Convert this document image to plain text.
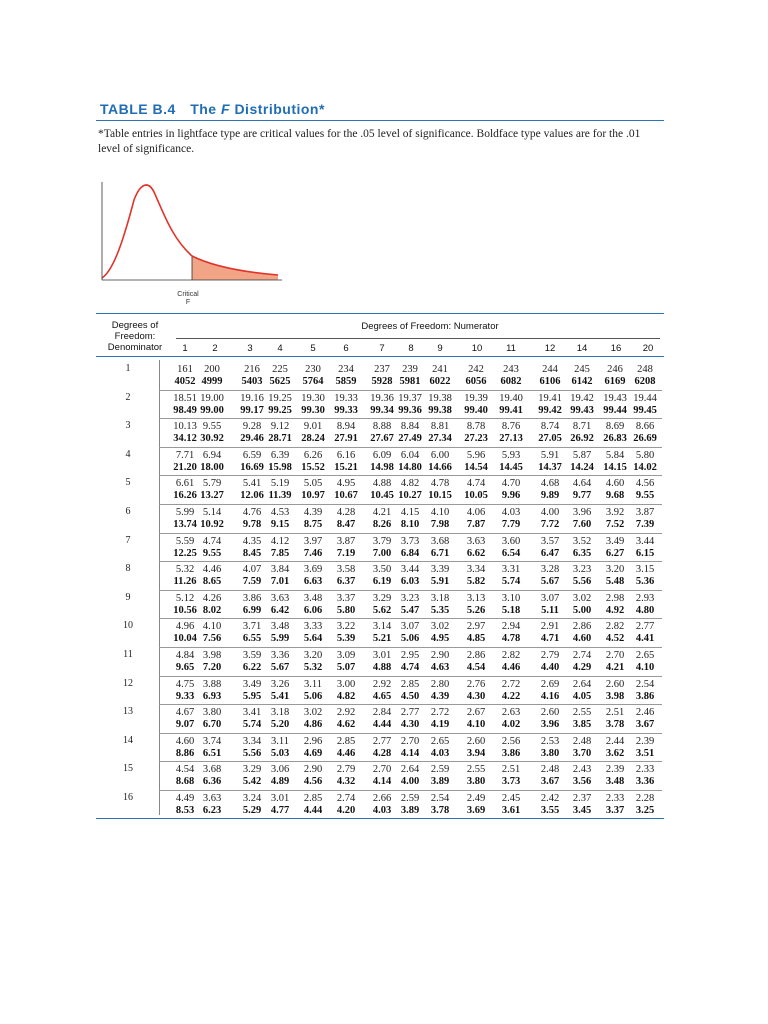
TABLE B.4 The F Distribution*
*Table entries in lightface type are critical values for the .05 level of significance. Boldface type values are for the .01 level of significance.
Critical
F
Degrees of
Freedom:
Denominator
Degrees of Freedom: Numerator
1	2	3	4	5	6	7	8	9	10	11	12	14	16	20
1	161	200	216	225	230	234	237	239	241	242	243	244	245	246	248
4052 4999	5403 5625	5764	5859	5928 5981 6022	6056	6082	6106	6142	6169 6208
2	18.51 19.00	19.16 19.25 19.30 19.33	19.36 19.37 19.38	19.39	19.40	19.41 19.42 19.43 19.44
98.49 99.00	99.17 99.25 99.30 99.33	99.34 99.36 99.38	99.40	99.41	99.42 99.43 99.44 99.45
3	10.13 9.55	9.28 9.12	9.01	8.94	8.88 8.84	8.81	8.78	8.76	8.74	8.71	8.69	8.66
34.12 30.92	29.46 28.71 28.24 27.91	27.67 27.49 27.34	27.23	27.13	27.05 26.92 26.83 26.69
4	7.71 6.94	6.59 6.39	6.26	6.16	6.09 6.04	6.00	5.96	5.93	5.91	5.87	5.84	5.80
21.20 18.00	16.69 15.98 15.52 15.21	14.98 14.80 14.66	14.54	14.45	14.37 14.24 14.15 14.02
5	6.61 5.79	5.41 5.19	5.05	4.95	4.88 4.82	4.78	4.74	4.70	4.68	4.64	4.60	4.56
16.26 13.27	12.06 11.39 10.97 10.67	10.45 10.27 10.15	10.05	9.96	9.89	9.77	9.68	9.55
6	5.99 5.14	4.76 4.53	4.39	4.28	4.21 4.15	4.10	4.06	4.03	4.00	3.96	3.92	3.87
13.74 10.92	9.78 9.15	8.75	8.47	8.26 8.10	7.98	7.87	7.79	7.72	7.60	7.52	7.39
7	5.59 4.74	4.35 4.12	3.97	3.87	3.79 3.73	3.68	3.63	3.60	3.57	3.52	3.49	3.44
12.25 9.55	8.45 7.85	7.46	7.19	7.00 6.84	6.71	6.62	6.54	6.47	6.35	6.27	6.15
8	5.32 4.46	4.07 3.84	3.69	3.58	3.50 3.44	3.39	3.34	3.31	3.28	3.23	3.20	3.15
11.26 8.65	7.59 7.01	6.63	6.37	6.19 6.03	5.91	5.82	5.74	5.67	5.56	5.48	5.36
9	5.12 4.26	3.86 3.63	3.48	3.37	3.29 3.23	3.18	3.13	3.10	3.07	3.02	2.98	2.93
10.56 8.02	6.99 6.42	6.06	5.80	5.62 5.47	5.35	5.26	5.18	5.11	5.00	4.92	4.80
10	4.96 4.10	3.71 3.48	3.33	3.22	3.14 3.07	3.02	2.97	2.94	2.91	2.86	2.82	2.77
10.04 7.56	6.55 5.99	5.64	5.39	5.21 5.06	4.95	4.85	4.78	4.71	4.60	4.52	4.41
11	4.84 3.98	3.59 3.36	3.20	3.09	3.01 2.95	2.90	2.86	2.82	2.79	2.74	2.70	2.65
9.65 7.20	6.22 5.67	5.32	5.07	4.88 4.74	4.63	4.54	4.46	4.40	4.29	4.21	4.10
12	4.75 3.88	3.49 3.26	3.11	3.00	2.92 2.85	2.80	2.76	2.72	2.69	2.64	2.60	2.54
9.33 6.93	5.95 5.41	5.06	4.82	4.65 4.50	4.39	4.30	4.22	4.16	4.05	3.98	3.86
13	4.67 3.80	3.41 3.18	3.02	2.92	2.84 2.77	2.72	2.67	2.63	2.60	2.55	2.51	2.46
9.07 6.70	5.74 5.20	4.86	4.62	4.44 4.30	4.19	4.10	4.02	3.96	3.85	3.78	3.67
14	4.60 3.74	3.34 3.11	2.96	2.85	2.77 2.70	2.65	2.60	2.56	2.53	2.48	2.44	2.39
8.86 6.51	5.56 5.03	4.69	4.46	4.28 4.14	4.03	3.94	3.86	3.80	3.70	3.62	3.51
15	4.54 3.68	3.29 3.06	2.90	2.79	2.70 2.64	2.59	2.55	2.51	2.48	2.43	2.39	2.33
8.68 6.36	5.42 4.89	4.56	4.32	4.14 4.00	3.89	3.80	3.73	3.67	3.56	3.48	3.36
16	4.49 3.63	3.24 3.01	2.85	2.74	2.66 2.59	2.54	2.49	2.45	2.42	2.37	2.33	2.28
8.53 6.23	5.29 4.77	4.44	4.20	4.03 3.89	3.78	3.69	3.61	3.55	3.45	3.37	3.25
